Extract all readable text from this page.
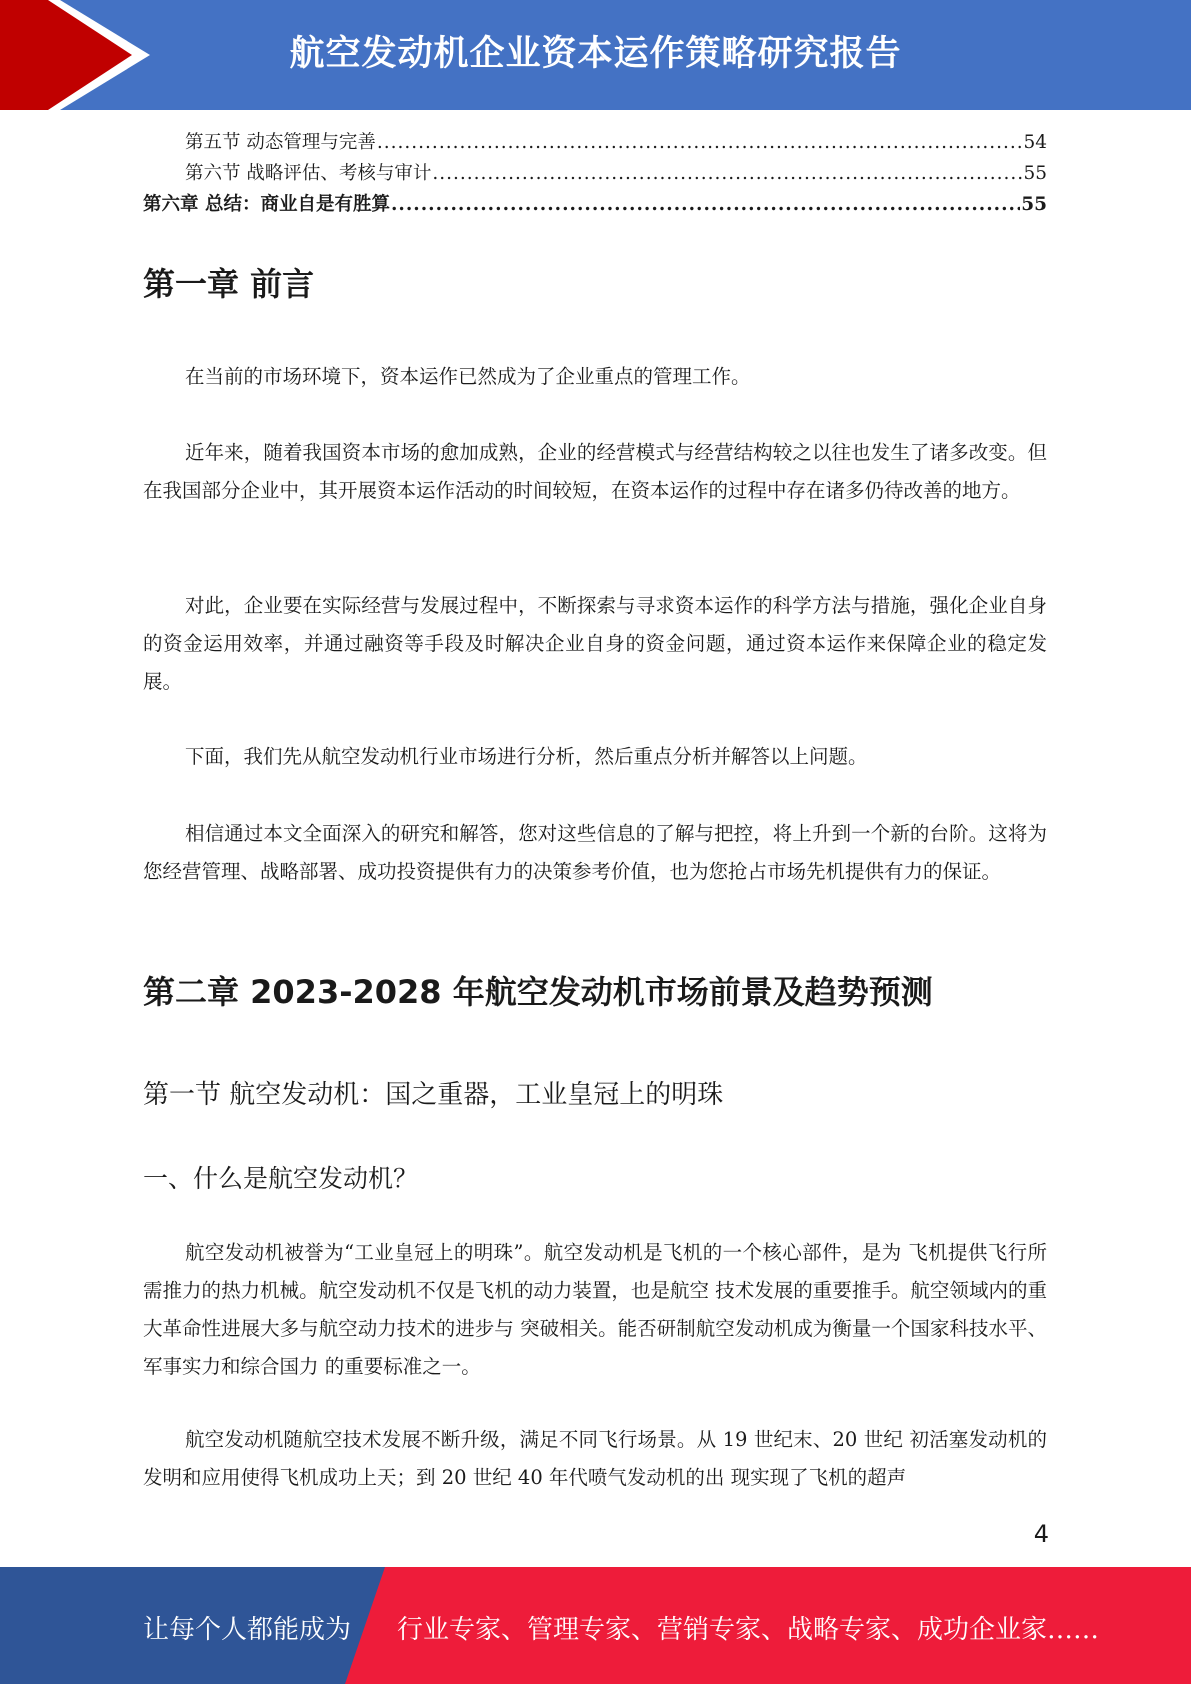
航空发动机企业资本运作策略研究报告
第五节 动态管理与完善 .....	54
第六节 战略评估、考核与审计 .....	55
第六章 总结：商业自是有胜算 .....	55
第一章 前言

在当前的市场环境下，资本运作已然成为了企业重点的管理工作。

近年来，随着我国资本市场的愈加成熟，企业的经营模式与经营结构较之以往也发生了诸多改变。但在我国部分企业中，其开展资本运作活动的时间较短，在资本运作的过程中存在诸多仍待改善的地方。

对此，企业要在实际经营与发展过程中，不断探索与寻求资本运作的科学方法与措施，强化企业自身的资金运用效率，并通过融资等手段及时解决企业自身的资金问题，通过资本运作来保障企业的稳定发展。

下面，我们先从航空发动机行业市场进行分析，然后重点分析并解答以上问题。

相信通过本文全面深入的研究和解答，您对这些信息的了解与把控，将上升到一个新的台阶。这将为您经营管理、战略部署、成功投资提供有力的决策参考价值，也为您抢占市场先机提供有力的保证。

第二章 2023-2028 年航空发动机市场前景及趋势预测
第一节 航空发动机：国之重器，工业皇冠上的明珠
一、什么是航空发动机？

航空发动机被誉为“工业皇冠上的明珠”。航空发动机是飞机的一个核心部件，是为 飞机提供飞行所需推力的热力机械。航空发动机不仅是飞机的动力装置，也是航空 技术发展的重要推手。航空领域内的重大革命性进展大多与航空动力技术的进步与 突破相关。能否研制航空发动机成为衡量一个国家科技水平、军事实力和综合国力 的重要标准之一。

航空发动机随航空技术发展不断升级，满足不同飞行场景。从 19 世纪末、20 世纪 初活塞发动机的发明和应用使得飞机成功上天；到 20 世纪 40 年代喷气发动机的出 现实现了飞机的超声

4
让每个人都能成为 行业专家、管理专家、营销专家、战略专家、成功企业家……
